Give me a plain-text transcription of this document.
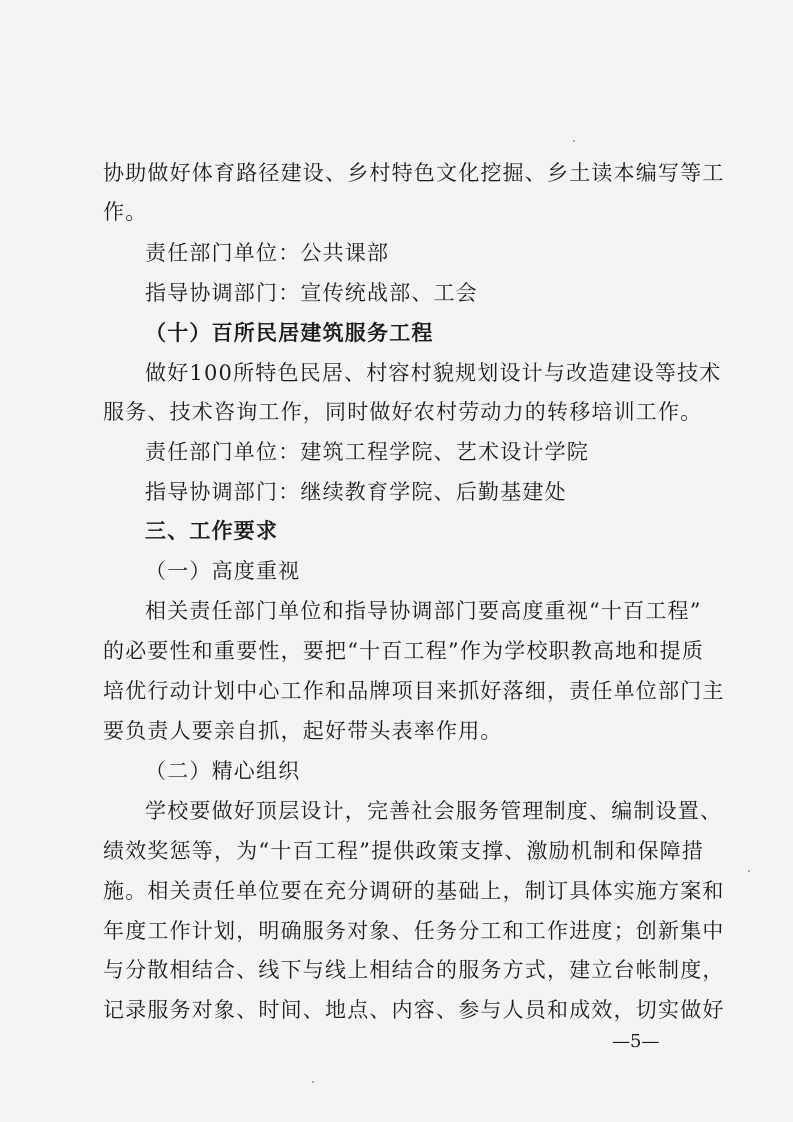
协助做好体育路径建设、乡村特色文化挖掘、乡土读本编写等工
作。
责任部门单位：公共课部
指导协调部门：宣传统战部、工会
（十）百所民居建筑服务工程
做好100所特色民居、村容村貌规划设计与改造建设等技术
服务、技术咨询工作，同时做好农村劳动力的转移培训工作。
责任部门单位：建筑工程学院、艺术设计学院
指导协调部门：继续教育学院、后勤基建处
三、工作要求
（一）高度重视
相关责任部门单位和指导协调部门要高度重视“十百工程”
的必要性和重要性，要把“十百工程”作为学校职教高地和提质
培优行动计划中心工作和品牌项目来抓好落细，责任单位部门主
要负责人要亲自抓，起好带头表率作用。
（二）精心组织
学校要做好顶层设计，完善社会服务管理制度、编制设置、
绩效奖惩等，为“十百工程”提供政策支撑、激励机制和保障措
施。相关责任单位要在充分调研的基础上，制订具体实施方案和
年度工作计划，明确服务对象、任务分工和工作进度；创新集中
与分散相结合、线下与线上相结合的服务方式，建立台帐制度，
记录服务对象、时间、地点、内容、参与人员和成效，切实做好
—5—
